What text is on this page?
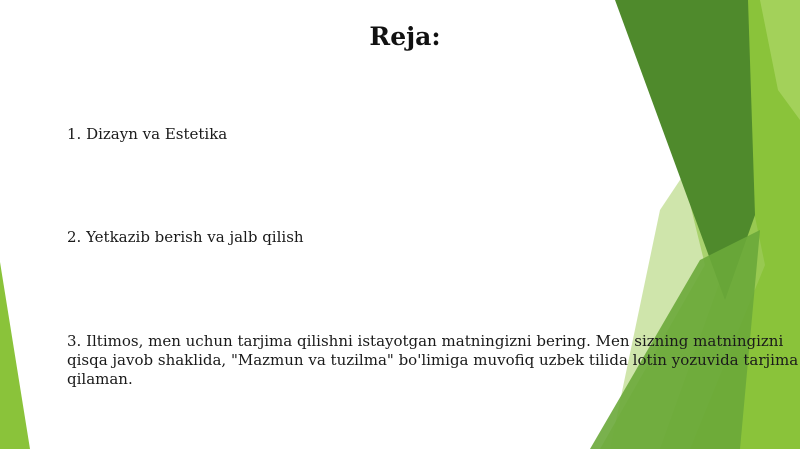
Reja:
1. Dizayn va Estetika
2. Yetkazib berish va jalb qilish
3. Iltimos, men uchun tarjima qilishni istayotgan matningizni bering. Men sizning matningizni
qisqa javob shaklida, "Mazmun va tuzilma" bo'limiga muvofiq uzbek tilida lotin yozuvida tarjima
qilaman.
